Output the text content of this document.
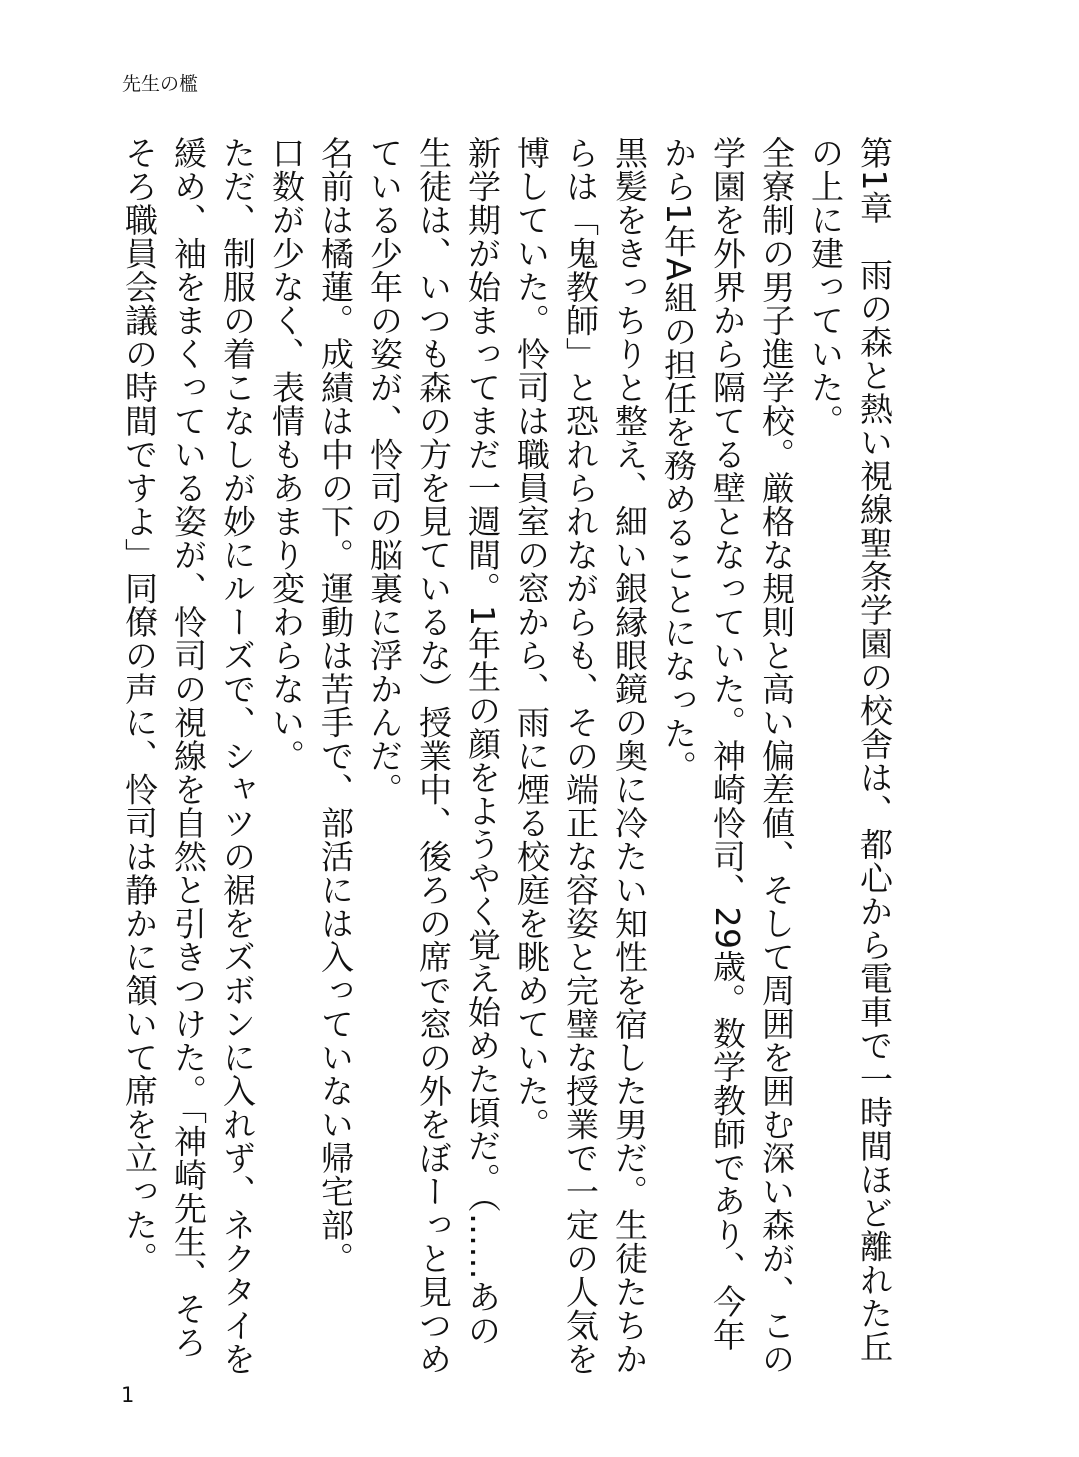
先生の檻

第1章　雨の森と熱い視線聖条学園の校舎は、都心から電車で一時間ほど離れた丘の上に建っていた。

全寮制の男子進学校。厳格な規則と高い偏差値、そして周囲を囲む深い森が、この学園を外界から隔てる壁となっていた。神崎怜司、29歳。数学教師であり、今年から1年A組の担任を務めることになった。

黒髪をきっちりと整え、細い銀縁眼鏡の奥に冷たい知性を宿した男だ。生徒たちからは「鬼教師」と恐れられながらも、その端正な容姿と完璧な授業で一定の人気を博していた。怜司は職員室の窓から、雨に煙る校庭を眺めていた。

新学期が始まってまだ一週間。1年生の顔をようやく覚え始めた頃だ。（……あの生徒は、いつも森の方を見ているな）授業中、後ろの席で窓の外をぼーっと見つめている少年の姿が、怜司の脳裏に浮かんだ。

名前は橘蓮。成績は中の下。運動は苦手で、部活には入っていない帰宅部。

口数が少なく、表情もあまり変わらない。

ただ、制服の着こなしが妙にルーズで、シャツの裾をズボンに入れず、ネクタイを緩め、袖をまくっている姿が、怜司の視線を自然と引きつけた。「神崎先生、そろそろ職員会議の時間ですよ」同僚の声に、怜司は静かに頷いて席を立った。

1
